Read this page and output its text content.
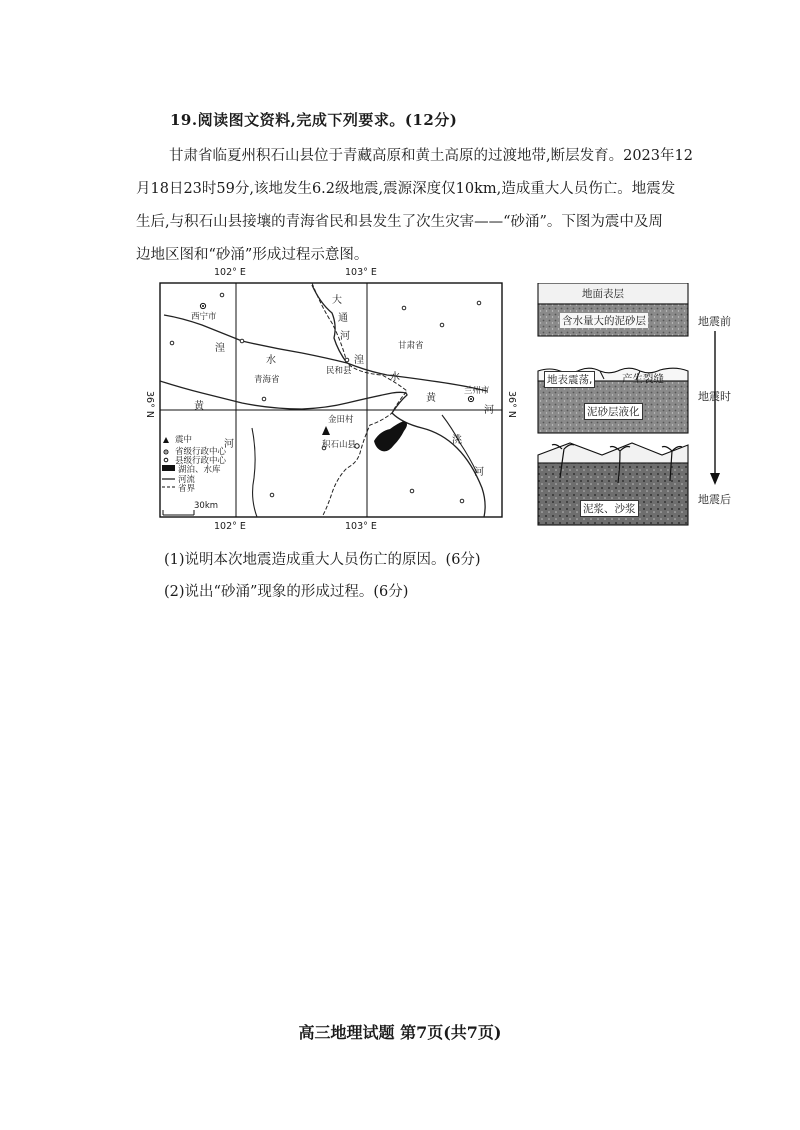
19.阅读图文资料,完成下列要求。(12分)
甘肃省临夏州积石山县位于青藏高原和黄土高原的过渡地带,断层发育。2023年12
月18日23时59分,该地发生6.2级地震,震源深度仅10km,造成重大人员伤亡。地震发
生后,与积石山县接壤的青海省民和县发生了次生灾害——“砂涌”。下图为震中及周
边地区图和“砂涌”形成过程示意图。
102° E	103° E
102° E	103° E
36° N	36° N
西宁市
青海省
甘肃省
民和县
兰州市
金田村
积石山县
大
通
河
湟
水	湟
水
黄
河
黄
河
洮
河
震中
省级行政中心
县级行政中心
湖泊、水库
河流
省界
30km
地面表层
含水量大的泥砂层
地表震荡,	产生裂缝
泥砂层液化
泥浆、沙浆
地震前
地震时
地震后
(1)说明本次地震造成重大人员伤亡的原因。(6分)
(2)说出“砂涌”现象的形成过程。(6分)
高三地理试题 第7页(共7页)
